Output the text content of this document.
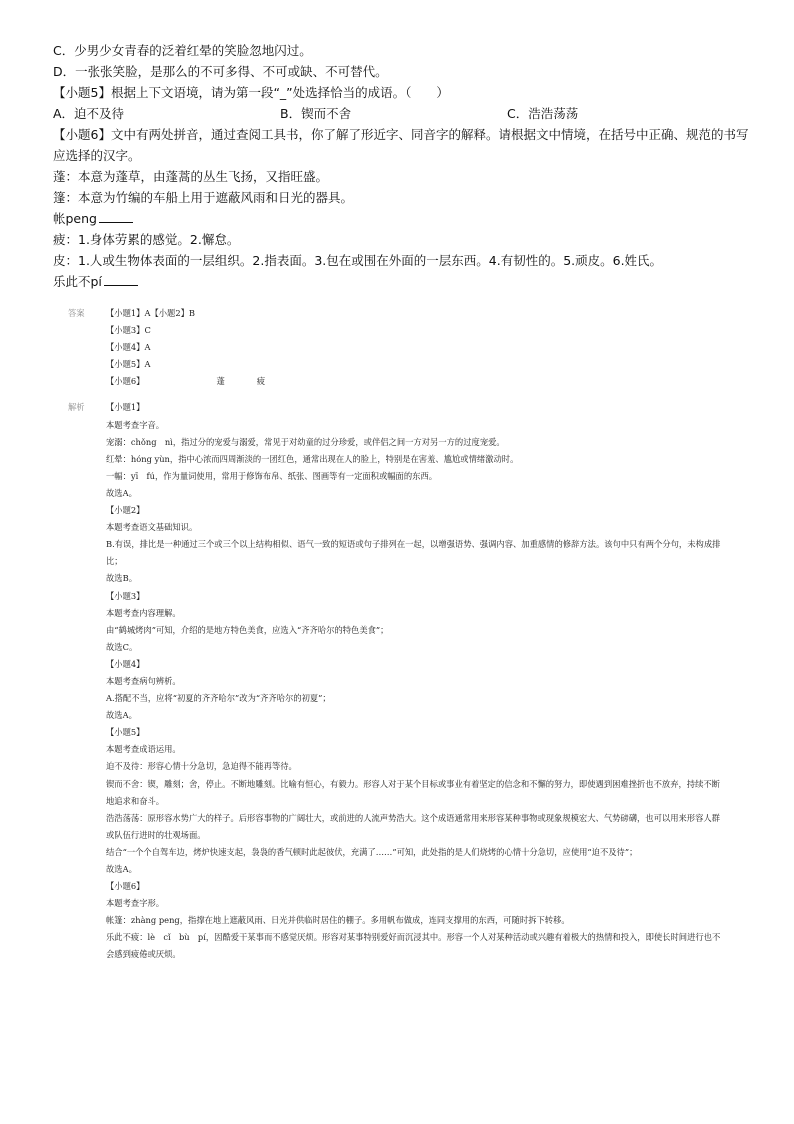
C．少男少女青春的泛着红晕的笑脸忽地闪过。

D．一张张笑脸，是那么的不可多得、不可或缺、不可替代。

【小题5】根据上下文语境，请为第一段“_”处选择恰当的成语。（　　）

A．迫不及待	B．锲而不舍	C．浩浩荡荡

【小题6】文中有两处拼音，通过查阅工具书，你了解了形近字、同音字的解释。请根据文中情境，在括号中正确、规范的书写应选择的汉字。

蓬：本意为蓬草，由蓬蒿的丛生飞扬，又指旺盛。

篷：本意为竹编的车船上用于遮蔽风雨和日光的器具。

帐peng

疲：1.身体劳累的感觉。2.懈怠。

皮：1.人或生物体表面的一层组织。2.指表面。3.包在或围在外面的一层东西。4.有韧性的。5.顽皮。6.姓氏。

乐此不pí

答案	【小题1】A【小题2】B
【小题3】C
【小题4】A
【小题5】A
【小题6】	蓬	疲
解析	【小题1】
本题考查字音。
宠溺：chǒng　nì，指过分的宠爱与溺爱，常见于对幼童的过分珍爱，或伴侣之间一方对另一方的过度宠爱。
红晕：hóng yùn，指中心浓而四周渐淡的一团红色，通常出现在人的脸上，特别是在害羞、尴尬或情绪激动时。
一幅：yī　fú，作为量词使用，常用于修饰布帛、纸张、图画等有一定面积或幅面的东西。
故选A。
【小题2】
本题考查语文基础知识。
B.有误，排比是一种通过三个或三个以上结构相似、语气一致的短语或句子排列在一起，以增强语势、强调内容、加重感情的修辞方法。该句中只有两个分句，未构成排比；
故选B。
【小题3】
本题考查内容理解。
由“鹤城烤肉”可知，介绍的是地方特色美食，应选入“齐齐哈尔的特色美食”；
故选C。
【小题4】
本题考查病句辨析。
A.搭配不当，应将“初夏的齐齐哈尔”改为“齐齐哈尔的初夏”；
故选A。
【小题5】
本题考查成语运用。
迫不及待：形容心情十分急切，急迫得不能再等待。
锲而不舍：锲，雕刻；舍，停止。不断地雕刻。比喻有恒心，有毅力。形容人对于某个目标或事业有着坚定的信念和不懈的努力，即使遇到困难挫折也不放弃，持续不断地追求和奋斗。
浩浩荡荡：原形容水势广大的样子。后形容事物的广阔壮大，或前进的人流声势浩大。这个成语通常用来形容某种事物或现象规模宏大、气势磅礴，也可以用来形容人群或队伍行进时的壮观场面。
结合“一个个自驾车边，烤炉快速支起，袅袅的香气顿时此起彼伏，充满了……”可知，此处指的是人们烧烤的心情十分急切，应使用“迫不及待”；
故选A。
【小题6】
本题考查字形。
帐篷：zhàng peng，指撑在地上遮蔽风雨、日光并供临时居住的棚子。多用帆布做成，连同支撑用的东西，可随时拆下转移。
乐此不疲：lè　cǐ　bù　pí，因酷爱干某事而不感觉厌烦。形容对某事特别爱好而沉浸其中。形容一个人对某种活动或兴趣有着极大的热情和投入，即使长时间进行也不会感到疲倦或厌烦。
